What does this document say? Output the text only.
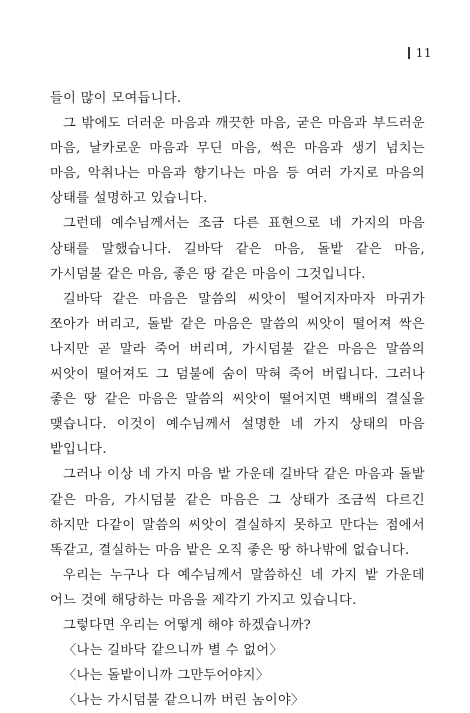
11

들이 많이 모여듭니다.

그 밖에도 더러운 마음과 깨끗한 마음, 굳은 마음과 부드러운 마음, 날카로운 마음과 무딘 마음, 썩은 마음과 생기 넘치는 마음, 악취나는 마음과 향기나는 마음 등 여러 가지로 마음의 상태를 설명하고 있습니다.

그런데 예수님께서는 조금 다른 표현으로 네 가지의 마음 상태를 말했습니다. 길바닥 같은 마음, 돌밭 같은 마음, 가시덤불 같은 마음, 좋은 땅 같은 마음이 그것입니다.

길바닥 같은 마음은 말씀의 씨앗이 떨어지자마자 마귀가 쪼아가 버리고, 돌밭 같은 마음은 말씀의 씨앗이 떨어져 싹은 나지만 곧 말라 죽어 버리며, 가시덤불 같은 마음은 말씀의 씨앗이 떨어져도 그 덤불에 숨이 막혀 죽어 버립니다. 그러나 좋은 땅 같은 마음은 말씀의 씨앗이 떨어지면 백배의 결실을 맺습니다. 이것이 예수님께서 설명한 네 가지 상태의 마음 밭입니다.

그러나 이상 네 가지 마음 밭 가운데 길바닥 같은 마음과 돌밭 같은 마음, 가시덤불 같은 마음은 그 상태가 조금씩 다르긴 하지만 다같이 말씀의 씨앗이 결실하지 못하고 만다는 점에서 똑같고, 결실하는 마음 밭은 오직 좋은 땅 하나밖에 없습니다.

우리는 누구나 다 예수님께서 말씀하신 네 가지 밭 가운데 어느 것에 해당하는 마음을 제각기 가지고 있습니다.

그렇다면 우리는 어떻게 해야 하겠습니까?

〈나는 길바닥 같으니까 별 수 없어〉

〈나는 돌밭이니까 그만두어야지〉

〈나는 가시덤불 같으니까 버린 놈이야〉
